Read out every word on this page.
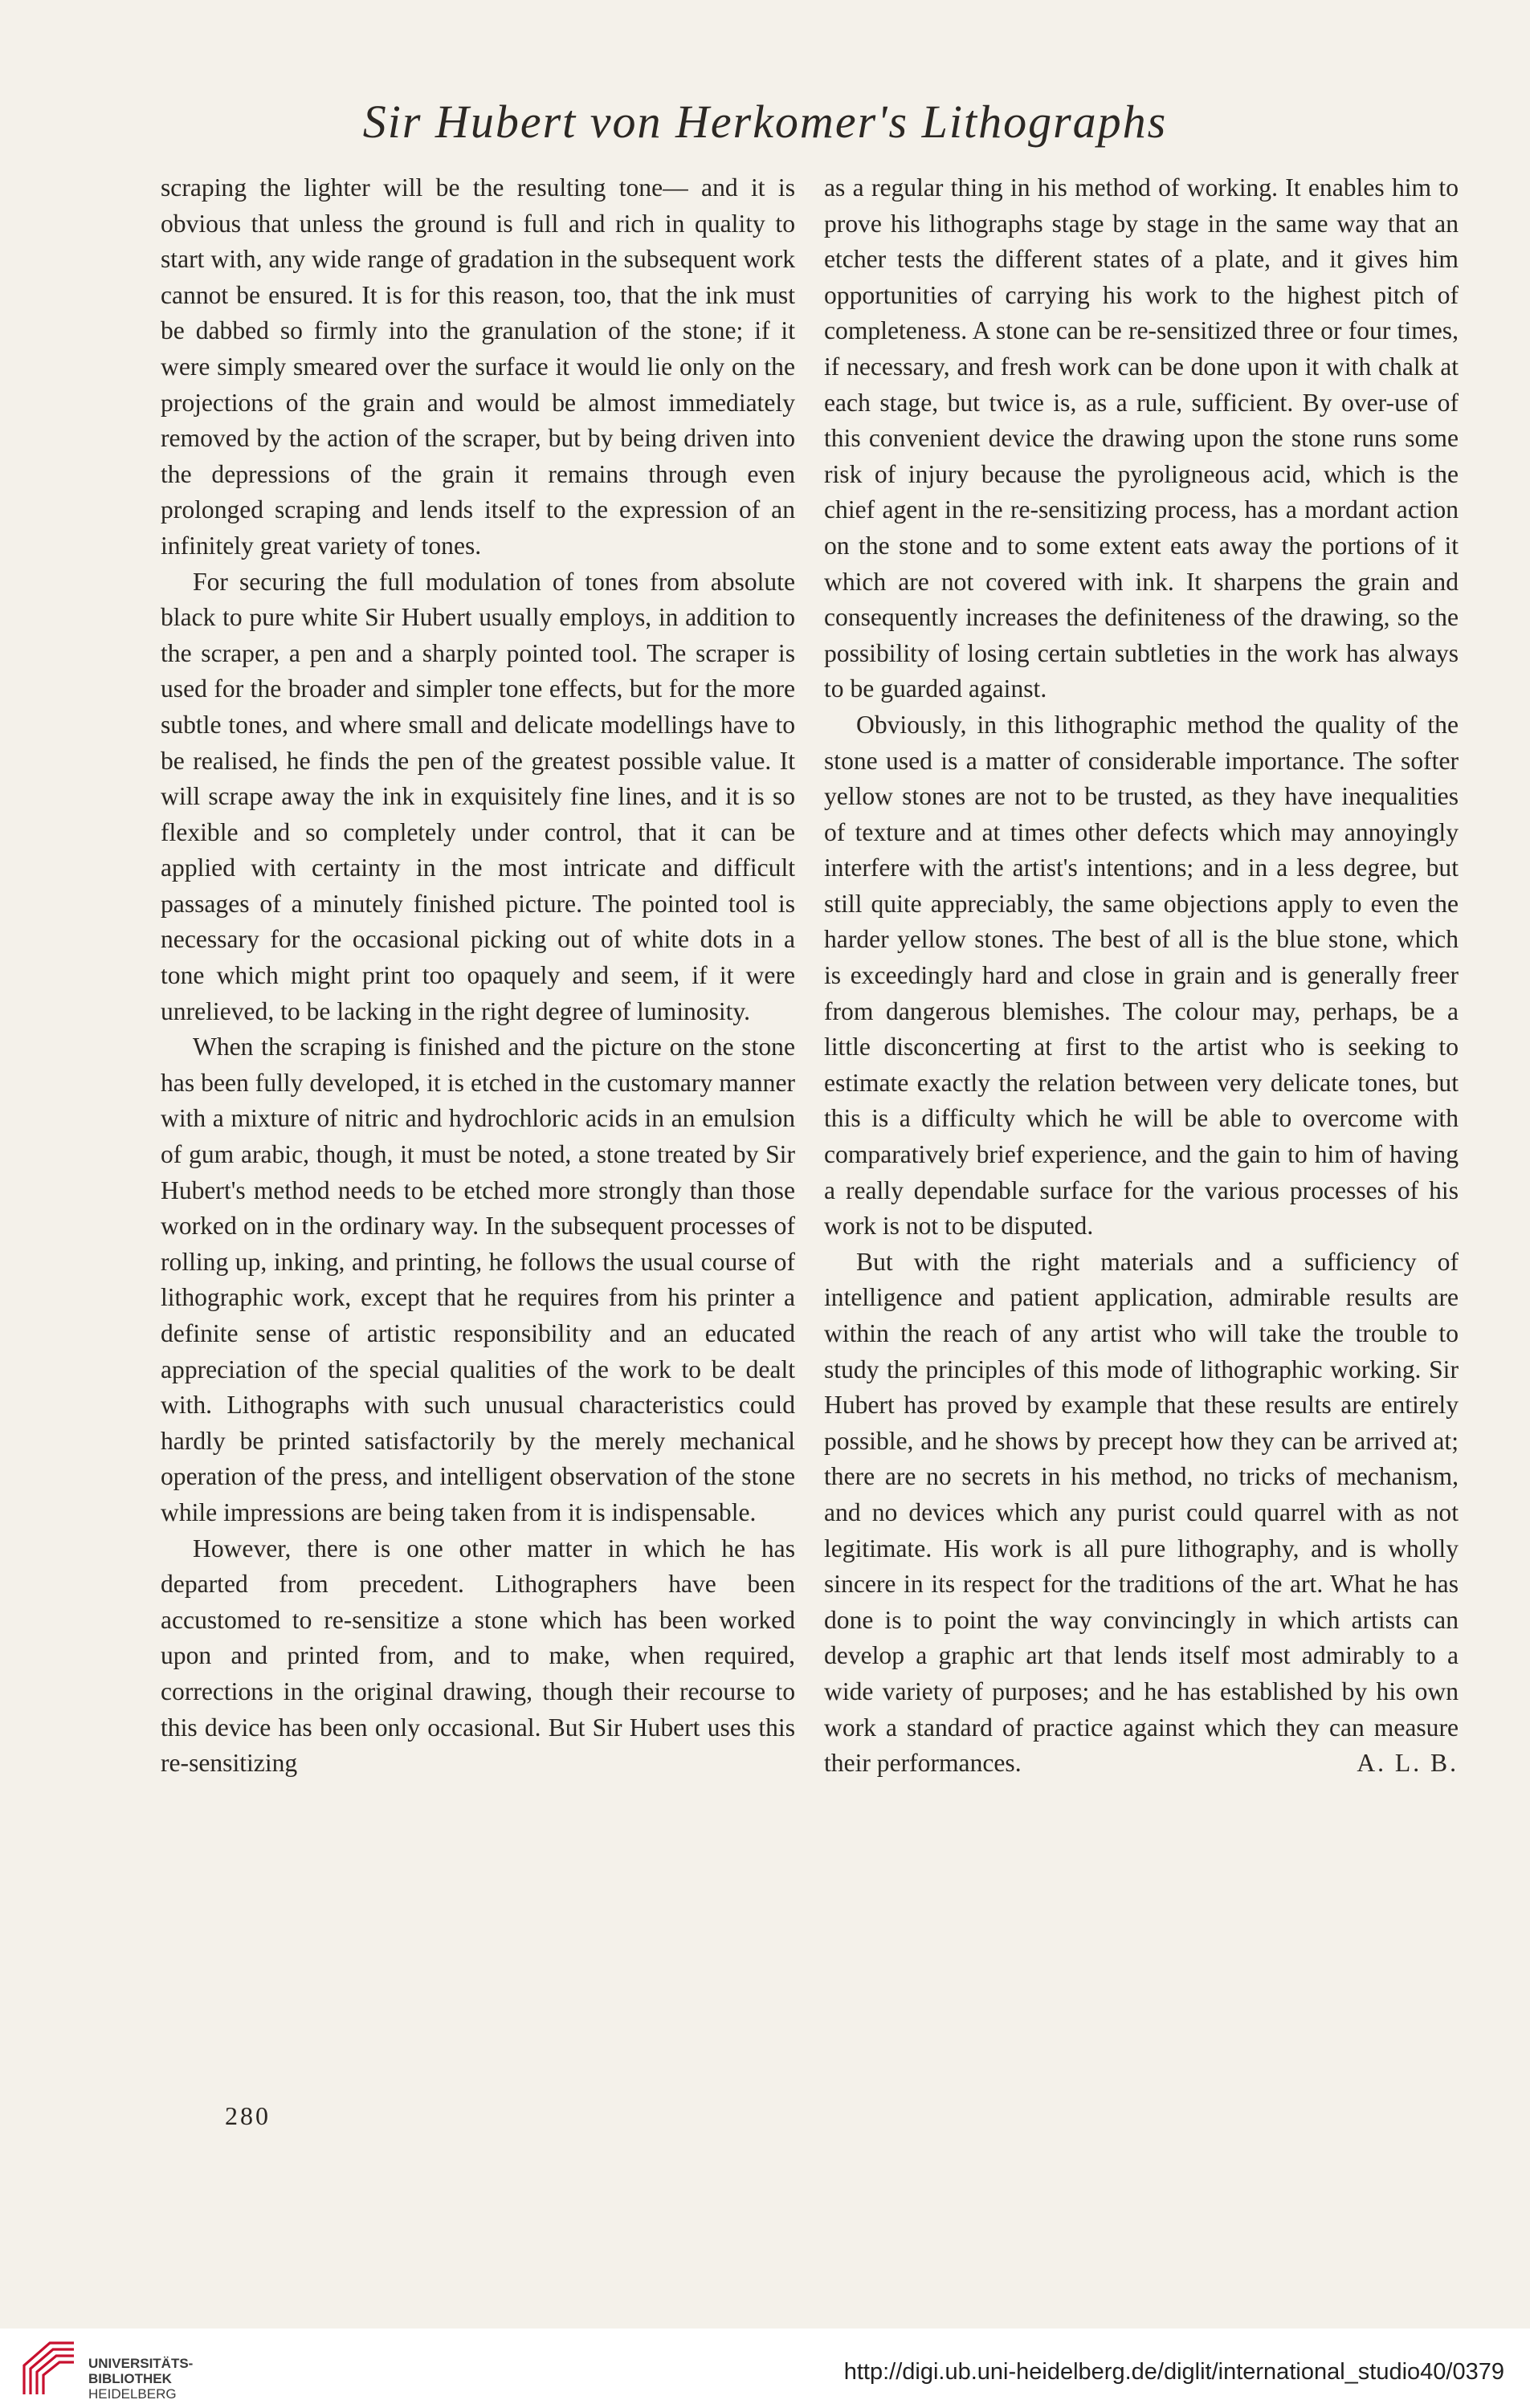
Sir Hubert von Herkomer's Lithographs

scraping the lighter will be the resulting tone— and it is obvious that unless the ground is full and rich in quality to start with, any wide range of gradation in the subsequent work cannot be ensured. It is for this reason, too, that the ink must be dabbed so firmly into the granulation of the stone; if it were simply smeared over the surface it would lie only on the projections of the grain and would be almost immediately removed by the action of the scraper, but by being driven into the depressions of the grain it remains through even prolonged scraping and lends itself to the expression of an infinitely great variety of tones.

For securing the full modulation of tones from absolute black to pure white Sir Hubert usually employs, in addition to the scraper, a pen and a sharply pointed tool. The scraper is used for the broader and simpler tone effects, but for the more subtle tones, and where small and delicate modellings have to be realised, he finds the pen of the greatest possible value. It will scrape away the ink in exquisitely fine lines, and it is so flexible and so completely under control, that it can be applied with certainty in the most intricate and difficult passages of a minutely finished picture. The pointed tool is necessary for the occasional picking out of white dots in a tone which might print too opaquely and seem, if it were unrelieved, to be lacking in the right degree of luminosity.

When the scraping is finished and the picture on the stone has been fully developed, it is etched in the customary manner with a mixture of nitric and hydrochloric acids in an emulsion of gum arabic, though, it must be noted, a stone treated by Sir Hubert's method needs to be etched more strongly than those worked on in the ordinary way. In the subsequent processes of rolling up, inking, and printing, he follows the usual course of lithographic work, except that he requires from his printer a definite sense of artistic responsibility and an educated appreciation of the special qualities of the work to be dealt with. Lithographs with such unusual characteristics could hardly be printed satisfactorily by the merely mechanical operation of the press, and intelligent observation of the stone while impressions are being taken from it is indispensable.

However, there is one other matter in which he has departed from precedent. Lithographers have been accustomed to re-sensitize a stone which has been worked upon and printed from, and to make, when required, corrections in the original drawing, though their recourse to this device has been only occasional. But Sir Hubert uses this re-sensitizing

as a regular thing in his method of working. It enables him to prove his lithographs stage by stage in the same way that an etcher tests the different states of a plate, and it gives him opportunities of carrying his work to the highest pitch of completeness. A stone can be re-sensitized three or four times, if necessary, and fresh work can be done upon it with chalk at each stage, but twice is, as a rule, sufficient. By over-use of this convenient device the drawing upon the stone runs some risk of injury because the pyroligneous acid, which is the chief agent in the re-sensitizing process, has a mordant action on the stone and to some extent eats away the portions of it which are not covered with ink. It sharpens the grain and consequently increases the definiteness of the drawing, so the possibility of losing certain subtleties in the work has always to be guarded against.

Obviously, in this lithographic method the quality of the stone used is a matter of considerable importance. The softer yellow stones are not to be trusted, as they have inequalities of texture and at times other defects which may annoyingly interfere with the artist's intentions; and in a less degree, but still quite appreciably, the same objections apply to even the harder yellow stones. The best of all is the blue stone, which is exceedingly hard and close in grain and is generally freer from dangerous blemishes. The colour may, perhaps, be a little disconcerting at first to the artist who is seeking to estimate exactly the relation between very delicate tones, but this is a difficulty which he will be able to overcome with comparatively brief experience, and the gain to him of having a really dependable surface for the various processes of his work is not to be disputed.

But with the right materials and a sufficiency of intelligence and patient application, admirable results are within the reach of any artist who will take the trouble to study the principles of this mode of lithographic working. Sir Hubert has proved by example that these results are entirely possible, and he shows by precept how they can be arrived at; there are no secrets in his method, no tricks of mechanism, and no devices which any purist could quarrel with as not legitimate. His work is all pure lithography, and is wholly sincere in its respect for the traditions of the art. What he has done is to point the way convincingly in which artists can develop a graphic art that lends itself most admirably to a wide variety of purposes; and he has established by his own work a standard of practice against which they can measure their performances.	A. L. B.

280
UNIVERSITÄTS-
BIBLIOTHEK
HEIDELBERG
http://digi.ub.uni-heidelberg.de/diglit/international_studio40/0379
